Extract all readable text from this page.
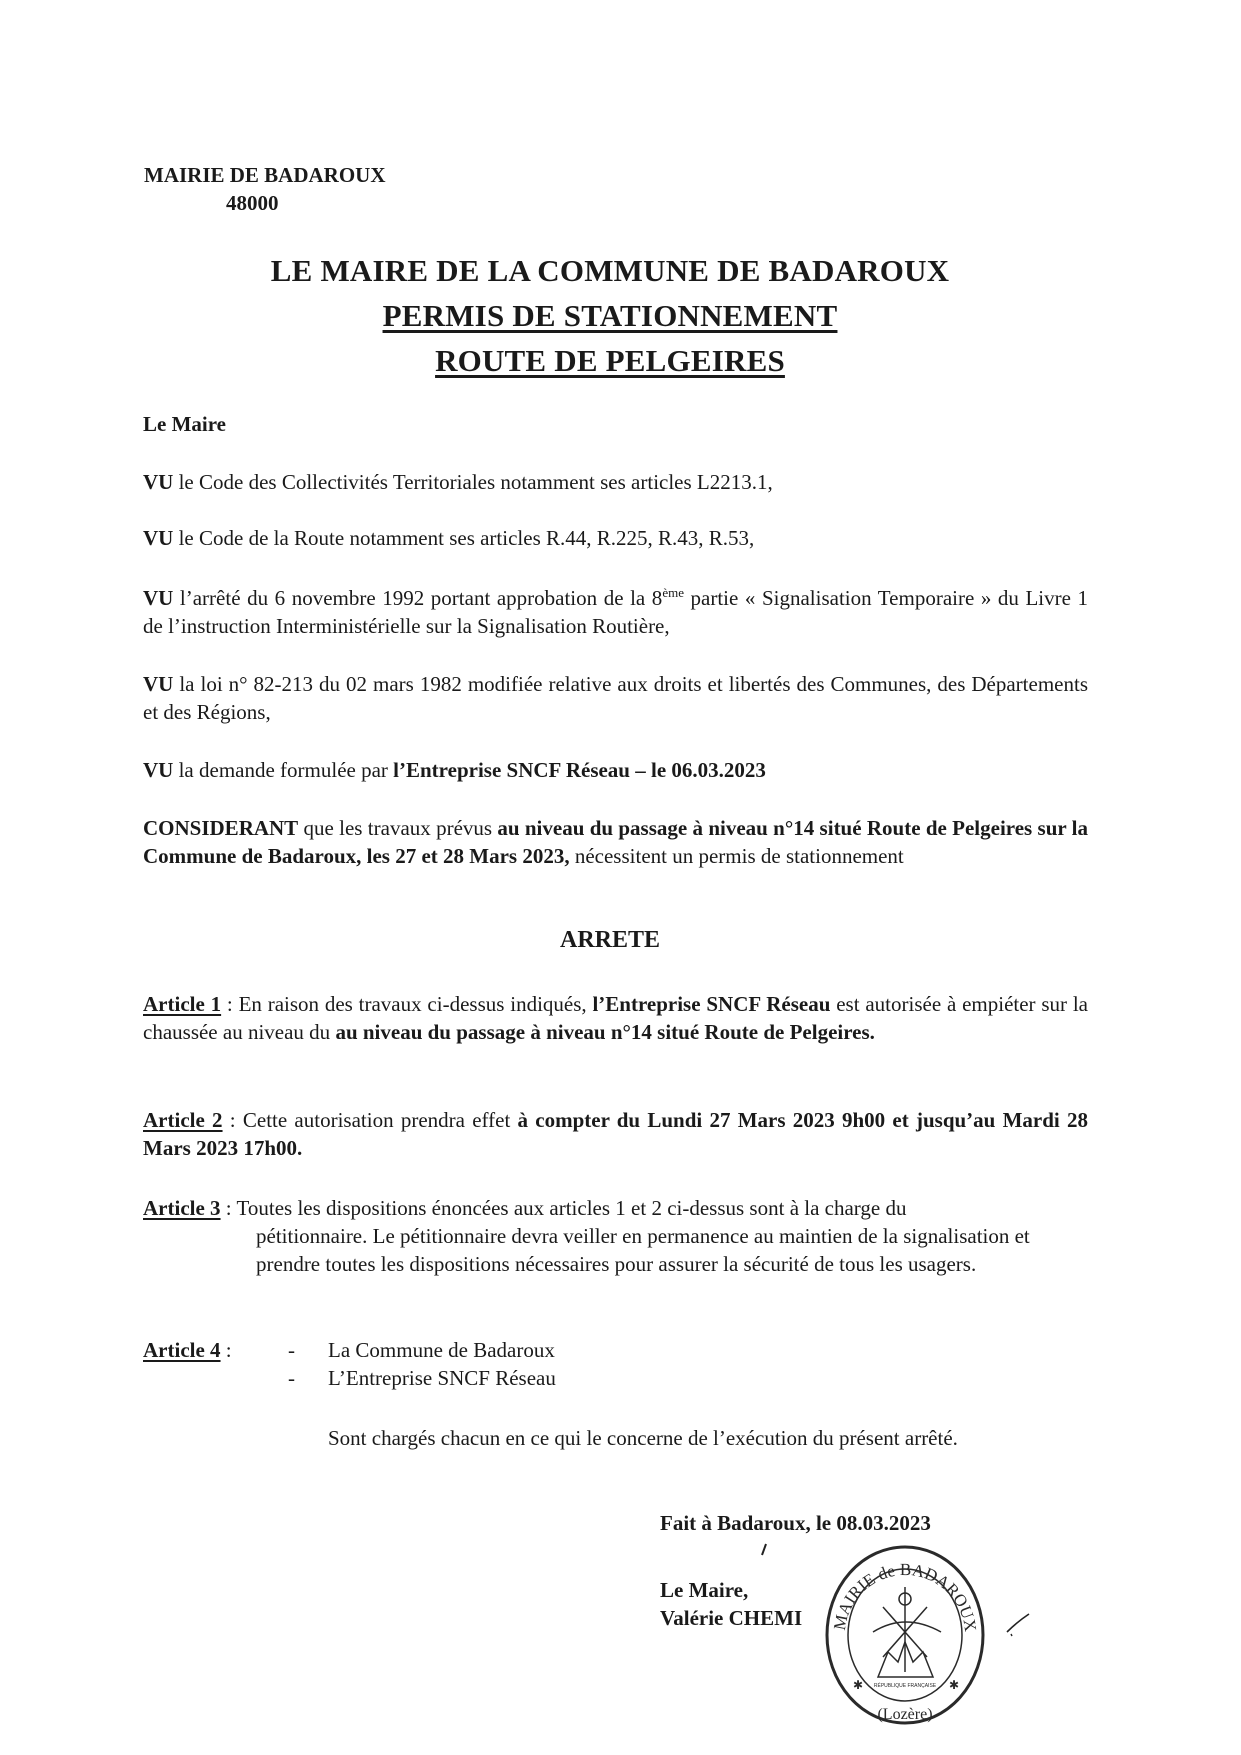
MAIRIE DE BADAROUX
48000
LE MAIRE DE LA COMMUNE DE BADAROUX
PERMIS DE STATIONNEMENT
ROUTE DE PELGEIRES
Le Maire
VU le Code des Collectivités Territoriales notamment ses articles L2213.1,
VU le Code de la Route notamment ses articles R.44, R.225, R.43, R.53,
VU l’arrêté du 6 novembre 1992 portant approbation de la 8ème partie « Signalisation Temporaire » du Livre 1 de l’instruction Interministérielle sur la Signalisation Routière,
VU la loi n° 82-213 du 02 mars 1982 modifiée relative aux droits et libertés des Communes, des Départements et des Régions,
VU la demande formulée par l’Entreprise SNCF Réseau – le 06.03.2023
CONSIDERANT que les travaux prévus au niveau du passage à niveau n°14 situé Route de Pelgeires sur la Commune de Badaroux, les 27 et 28 Mars 2023, nécessitent un permis de stationnement
ARRETE
Article 1 : En raison des travaux ci-dessus indiqués, l’Entreprise SNCF Réseau est autorisée à empiéter sur la chaussée au niveau du au niveau du passage à niveau n°14 situé Route de Pelgeires.
Article 2 : Cette autorisation prendra effet à compter du Lundi 27 Mars 2023 9h00 et jusqu’au Mardi 28 Mars 2023 17h00.
Article 3 : Toutes les dispositions énoncées aux articles 1 et 2 ci-dessus sont à la charge du
pétitionnaire. Le pétitionnaire devra veiller en permanence au maintien de la signalisation et prendre toutes les dispositions nécessaires pour assurer la sécurité de tous les usagers.
Article 4 :	- La Commune de Badaroux
- L’Entreprise SNCF Réseau
Sont chargés chacun en ce qui le concerne de l’exécution du présent arrêté.
Fait à Badaroux, le 08.03.2023
Le Maire,
Valérie CHEMI MAIRIE de BADAROUX
(Lozère)
RÉPUBLIQUE FRANÇAISE
✱	✱
